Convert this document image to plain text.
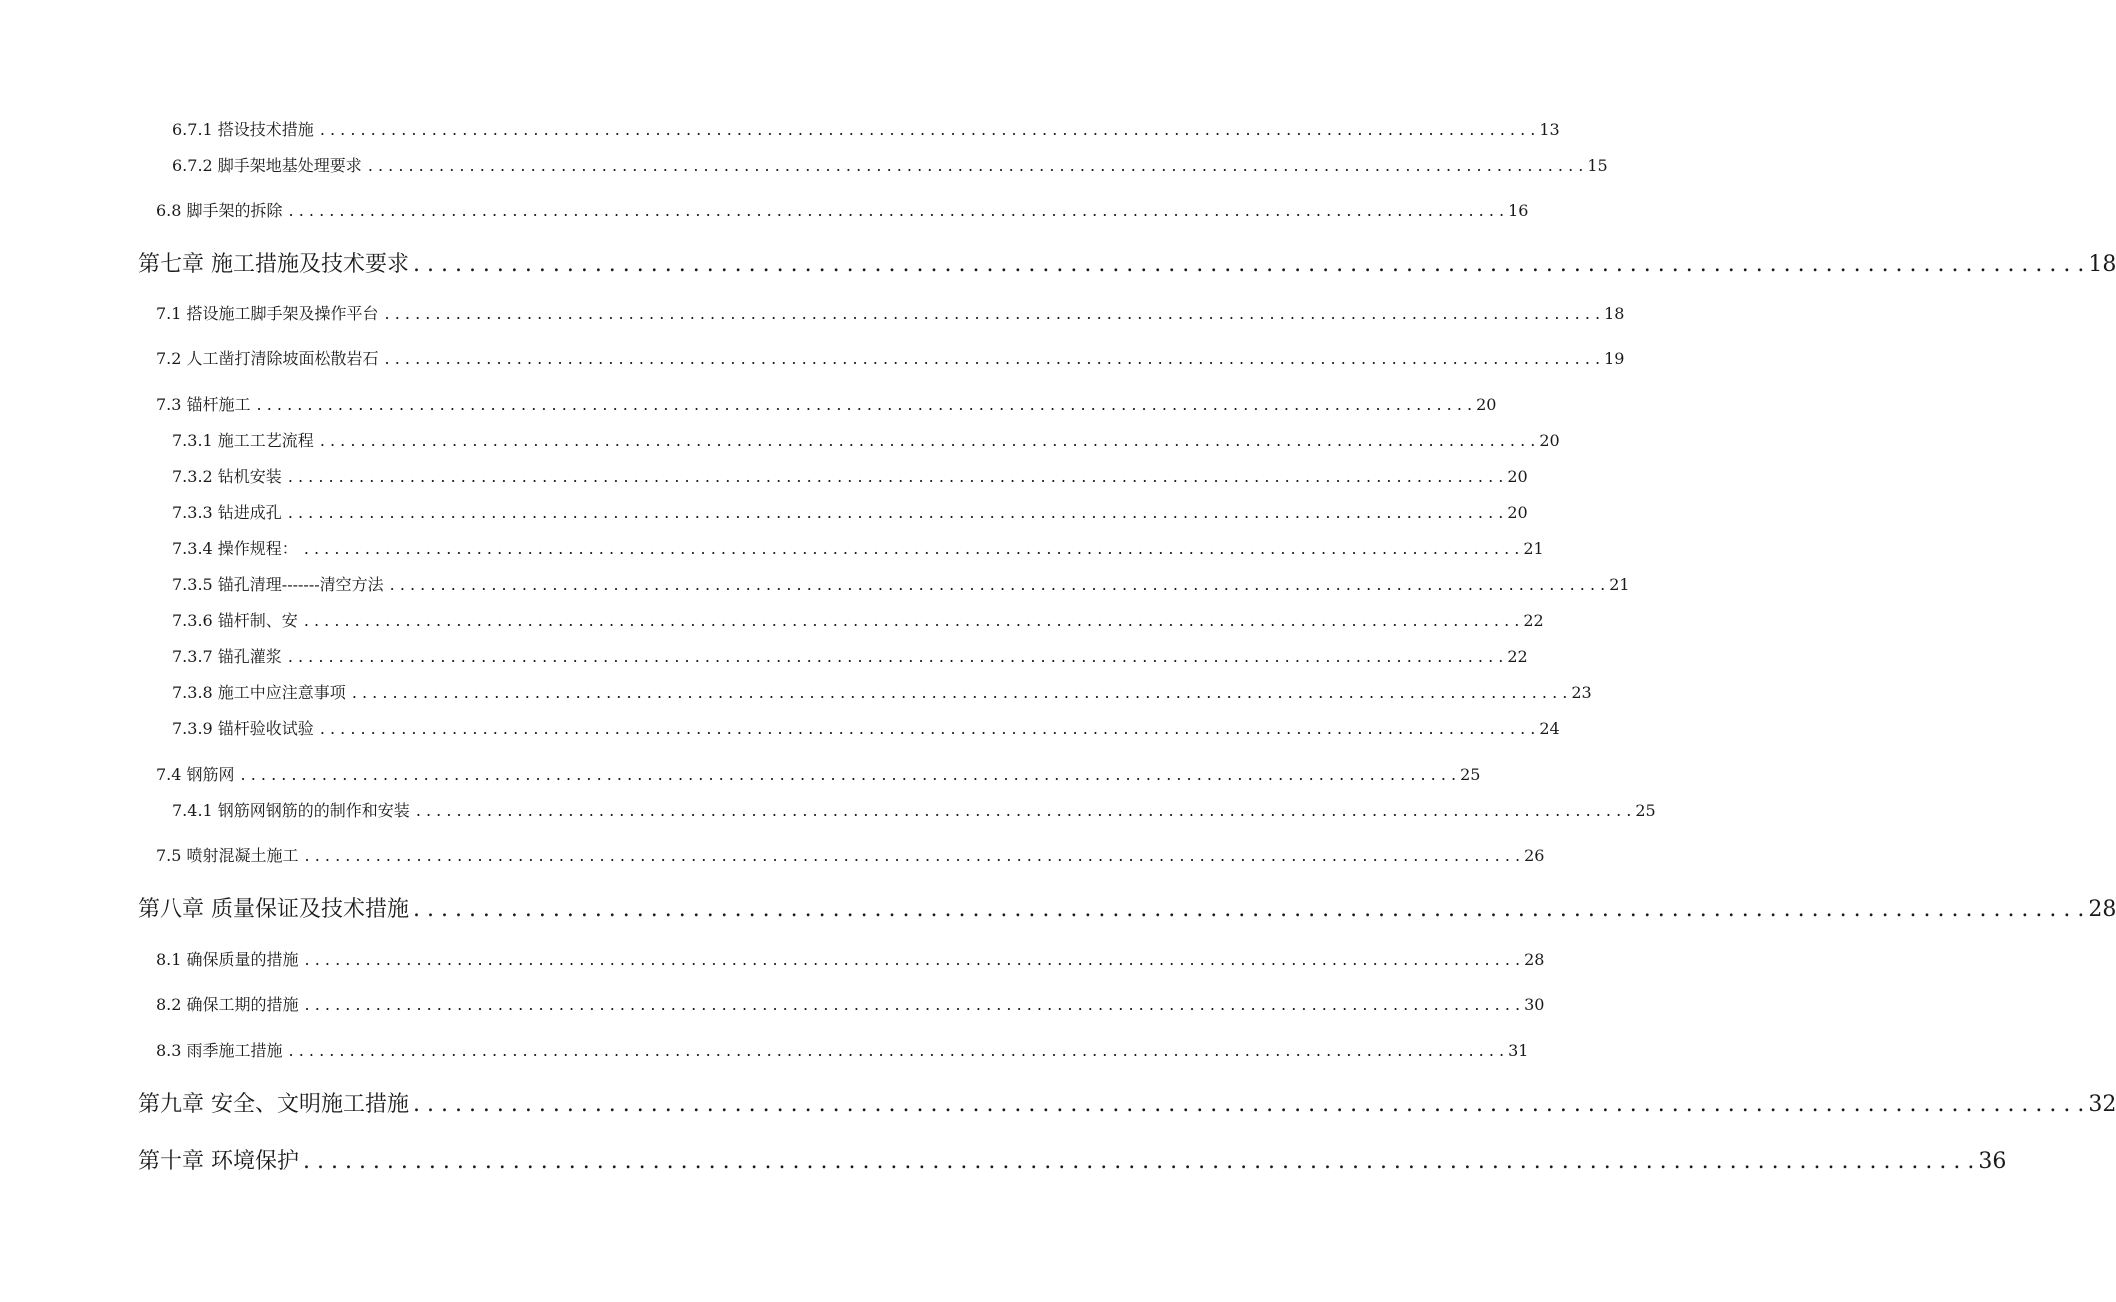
6.7.1 搭设技术措施 . . . . . . . . . . . . . . . . . . . . . . . . . . . . . . . . . . . . . . . . . . . . . . . . . . . . . . . . . . . . . . . . . . . . . . . . . . . . . . . . . . . . . . . . . . . . . . . . . . . . . . . . . . . . . . . . . . . . . . . . 13
6.7.2 脚手架地基处理要求 . . . . . . . . . . . . . . . . . . . . . . . . . . . . . . . . . . . . . . . . . . . . . . . . . . . . . . . . . . . . . . . . . . . . . . . . . . . . . . . . . . . . . . . . . . . . . . . . . . . . . . . . . . . . . . . . . . . . . . . . 15
6.8 脚手架的拆除 . . . . . . . . . . . . . . . . . . . . . . . . . . . . . . . . . . . . . . . . . . . . . . . . . . . . . . . . . . . . . . . . . . . . . . . . . . . . . . . . . . . . . . . . . . . . . . . . . . . . . . . . . . . . . . . . . . . . . . . . 16
第七章 施工措施及技术要求 . . . . . . . . . . . . . . . . . . . . . . . . . . . . . . . . . . . . . . . . . . . . . . . . . . . . . . . . . . . . . . . . . . . . . . . . . . . . . . . . . . . . . . . . . . . . . . . . . . . . . . . . . . . . . . . . . . . . . . . . 18
7.1 搭设施工脚手架及操作平台 . . . . . . . . . . . . . . . . . . . . . . . . . . . . . . . . . . . . . . . . . . . . . . . . . . . . . . . . . . . . . . . . . . . . . . . . . . . . . . . . . . . . . . . . . . . . . . . . . . . . . . . . . . . . . . . . . . . . . . . . 18
7.2 人工凿打清除坡面松散岩石 . . . . . . . . . . . . . . . . . . . . . . . . . . . . . . . . . . . . . . . . . . . . . . . . . . . . . . . . . . . . . . . . . . . . . . . . . . . . . . . . . . . . . . . . . . . . . . . . . . . . . . . . . . . . . . . . . . . . . . . . 19
7.3 锚杆施工 . . . . . . . . . . . . . . . . . . . . . . . . . . . . . . . . . . . . . . . . . . . . . . . . . . . . . . . . . . . . . . . . . . . . . . . . . . . . . . . . . . . . . . . . . . . . . . . . . . . . . . . . . . . . . . . . . . . . . . . . 20
7.3.1 施工工艺流程 . . . . . . . . . . . . . . . . . . . . . . . . . . . . . . . . . . . . . . . . . . . . . . . . . . . . . . . . . . . . . . . . . . . . . . . . . . . . . . . . . . . . . . . . . . . . . . . . . . . . . . . . . . . . . . . . . . . . . . . . 20
7.3.2 钻机安装 . . . . . . . . . . . . . . . . . . . . . . . . . . . . . . . . . . . . . . . . . . . . . . . . . . . . . . . . . . . . . . . . . . . . . . . . . . . . . . . . . . . . . . . . . . . . . . . . . . . . . . . . . . . . . . . . . . . . . . . . 20
7.3.3 钻进成孔 . . . . . . . . . . . . . . . . . . . . . . . . . . . . . . . . . . . . . . . . . . . . . . . . . . . . . . . . . . . . . . . . . . . . . . . . . . . . . . . . . . . . . . . . . . . . . . . . . . . . . . . . . . . . . . . . . . . . . . . . 20
7.3.4 操作规程： . . . . . . . . . . . . . . . . . . . . . . . . . . . . . . . . . . . . . . . . . . . . . . . . . . . . . . . . . . . . . . . . . . . . . . . . . . . . . . . . . . . . . . . . . . . . . . . . . . . . . . . . . . . . . . . . . . . . . . . . 21
7.3.5 锚孔清理-------清空方法 . . . . . . . . . . . . . . . . . . . . . . . . . . . . . . . . . . . . . . . . . . . . . . . . . . . . . . . . . . . . . . . . . . . . . . . . . . . . . . . . . . . . . . . . . . . . . . . . . . . . . . . . . . . . . . . . . . . . . . . . 21
7.3.6 锚杆制、安 . . . . . . . . . . . . . . . . . . . . . . . . . . . . . . . . . . . . . . . . . . . . . . . . . . . . . . . . . . . . . . . . . . . . . . . . . . . . . . . . . . . . . . . . . . . . . . . . . . . . . . . . . . . . . . . . . . . . . . . . 22
7.3.7 锚孔灌浆 . . . . . . . . . . . . . . . . . . . . . . . . . . . . . . . . . . . . . . . . . . . . . . . . . . . . . . . . . . . . . . . . . . . . . . . . . . . . . . . . . . . . . . . . . . . . . . . . . . . . . . . . . . . . . . . . . . . . . . . . 22
7.3.8 施工中应注意事项 . . . . . . . . . . . . . . . . . . . . . . . . . . . . . . . . . . . . . . . . . . . . . . . . . . . . . . . . . . . . . . . . . . . . . . . . . . . . . . . . . . . . . . . . . . . . . . . . . . . . . . . . . . . . . . . . . . . . . . . . 23
7.3.9 锚杆验收试验 . . . . . . . . . . . . . . . . . . . . . . . . . . . . . . . . . . . . . . . . . . . . . . . . . . . . . . . . . . . . . . . . . . . . . . . . . . . . . . . . . . . . . . . . . . . . . . . . . . . . . . . . . . . . . . . . . . . . . . . . 24
7.4 钢筋网 . . . . . . . . . . . . . . . . . . . . . . . . . . . . . . . . . . . . . . . . . . . . . . . . . . . . . . . . . . . . . . . . . . . . . . . . . . . . . . . . . . . . . . . . . . . . . . . . . . . . . . . . . . . . . . . . . . . . . . . . 25
7.4.1 钢筋网钢筋的的制作和安装 . . . . . . . . . . . . . . . . . . . . . . . . . . . . . . . . . . . . . . . . . . . . . . . . . . . . . . . . . . . . . . . . . . . . . . . . . . . . . . . . . . . . . . . . . . . . . . . . . . . . . . . . . . . . . . . . . . . . . . . . 25
7.5 喷射混凝土施工 . . . . . . . . . . . . . . . . . . . . . . . . . . . . . . . . . . . . . . . . . . . . . . . . . . . . . . . . . . . . . . . . . . . . . . . . . . . . . . . . . . . . . . . . . . . . . . . . . . . . . . . . . . . . . . . . . . . . . . . . 26
第八章 质量保证及技术措施 . . . . . . . . . . . . . . . . . . . . . . . . . . . . . . . . . . . . . . . . . . . . . . . . . . . . . . . . . . . . . . . . . . . . . . . . . . . . . . . . . . . . . . . . . . . . . . . . . . . . . . . . . . . . . . . . . . . . . . . . 28
8.1 确保质量的措施 . . . . . . . . . . . . . . . . . . . . . . . . . . . . . . . . . . . . . . . . . . . . . . . . . . . . . . . . . . . . . . . . . . . . . . . . . . . . . . . . . . . . . . . . . . . . . . . . . . . . . . . . . . . . . . . . . . . . . . . . 28
8.2 确保工期的措施 . . . . . . . . . . . . . . . . . . . . . . . . . . . . . . . . . . . . . . . . . . . . . . . . . . . . . . . . . . . . . . . . . . . . . . . . . . . . . . . . . . . . . . . . . . . . . . . . . . . . . . . . . . . . . . . . . . . . . . . . 30
8.3 雨季施工措施 . . . . . . . . . . . . . . . . . . . . . . . . . . . . . . . . . . . . . . . . . . . . . . . . . . . . . . . . . . . . . . . . . . . . . . . . . . . . . . . . . . . . . . . . . . . . . . . . . . . . . . . . . . . . . . . . . . . . . . . . 31
第九章 安全、文明施工措施 . . . . . . . . . . . . . . . . . . . . . . . . . . . . . . . . . . . . . . . . . . . . . . . . . . . . . . . . . . . . . . . . . . . . . . . . . . . . . . . . . . . . . . . . . . . . . . . . . . . . . . . . . . . . . . . . . . . . . . . . 32
第十章 环境保护 . . . . . . . . . . . . . . . . . . . . . . . . . . . . . . . . . . . . . . . . . . . . . . . . . . . . . . . . . . . . . . . . . . . . . . . . . . . . . . . . . . . . . . . . . . . . . . . . . . . . . . . . . . . . . . . . . . . . . . . . 36
